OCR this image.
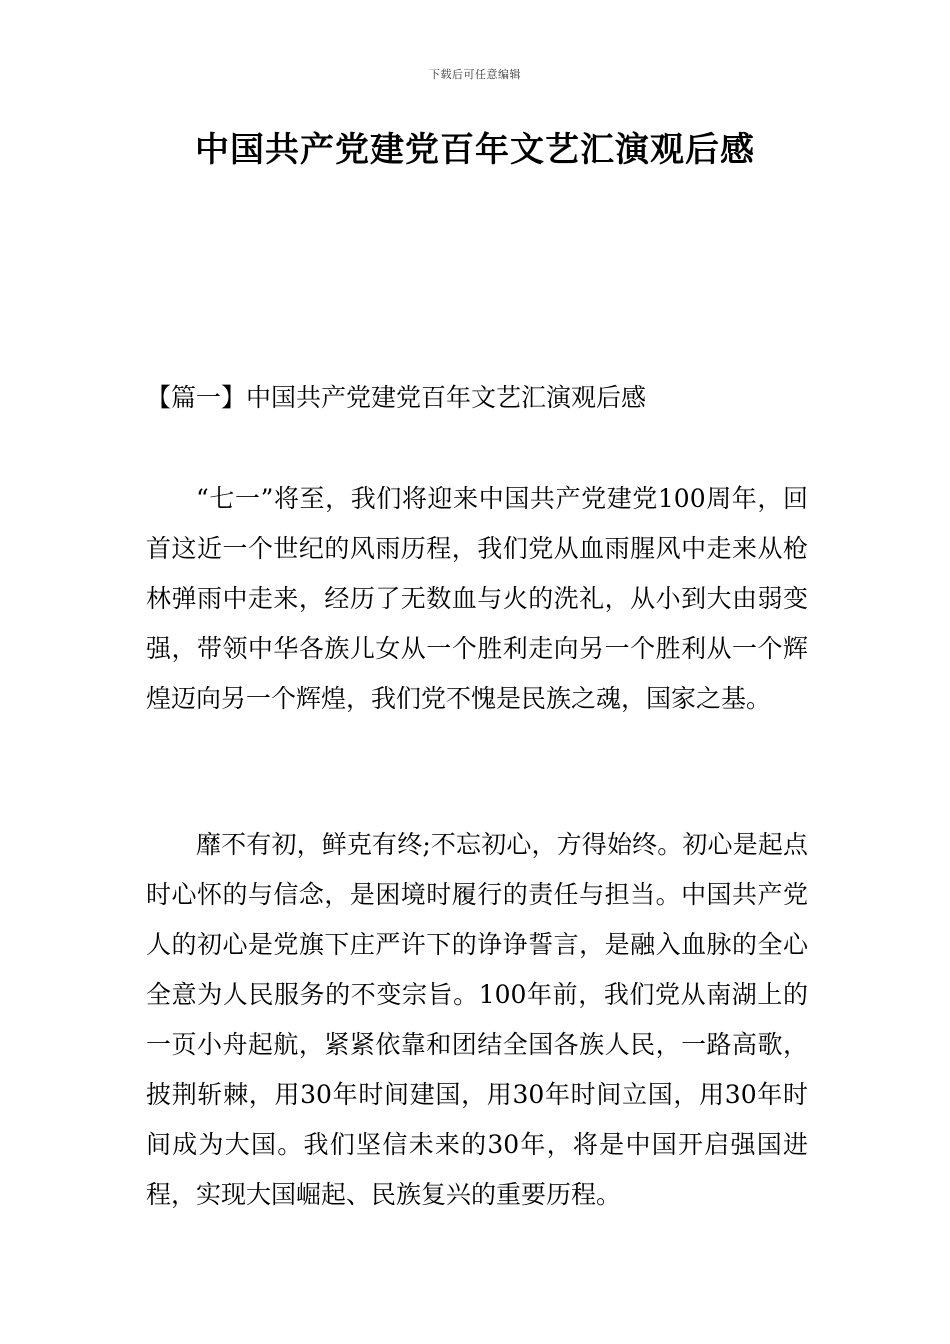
下载后可任意编辑
中国共产党建党百年文艺汇演观后感
【篇一】中国共产党建党百年文艺汇演观后感

“七一”将至，我们将迎来中国共产党建党100周年，回首这近一个世纪的风雨历程，我们党从血雨腥风中走来从枪林弹雨中走来，经历了无数血与火的洗礼，从小到大由弱变强，带领中华各族儿女从一个胜利走向另一个胜利从一个辉煌迈向另一个辉煌，我们党不愧是民族之魂，国家之基。

靡不有初，鲜克有终;不忘初心，方得始终。初心是起点时心怀的与信念，是困境时履行的责任与担当。中国共产党人的初心是党旗下庄严许下的诤诤誓言，是融入血脉的全心全意为人民服务的不变宗旨。100年前，我们党从南湖上的一页小舟起航，紧紧依靠和团结全国各族人民，一路高歌，披荆斩棘，用30年时间建国，用30年时间立国，用30年时间成为大国。我们坚信未来的30年，将是中国开启强国进程，实现大国崛起、民族复兴的重要历程。
